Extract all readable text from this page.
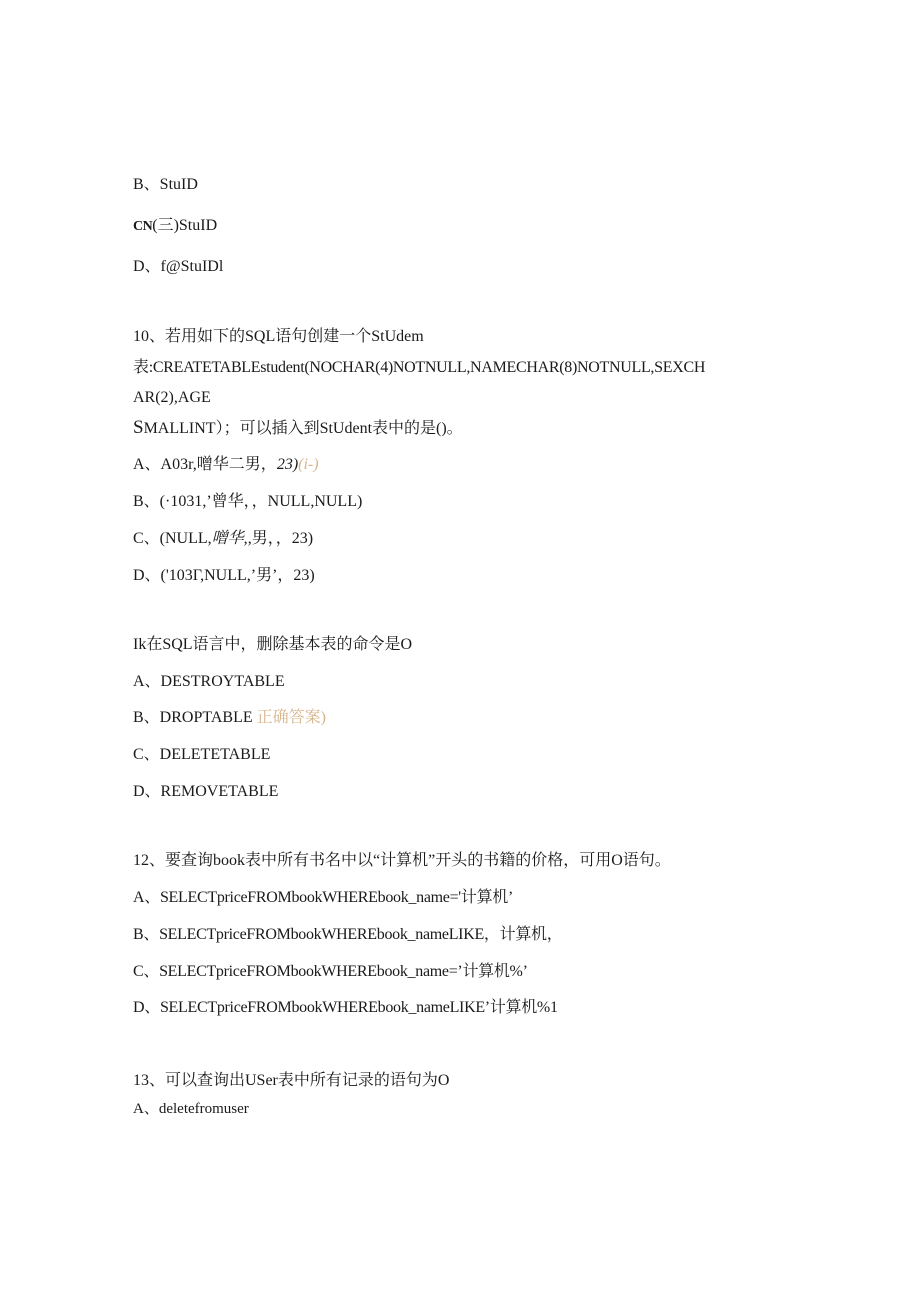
B、StuID
CN(三)StuID
D、f@StuIDl
10、若用如下的SQL语句创建一个StUdem
表:CREATETABLEstudent(NOCHAR(4)NOTNULL,NAMECHAR(8)NOTNULL,SEXCH
AR(2),AGE
SMALLINT）；可以插入到StUdent表中的是()。
A、A03r,噌华二男，23)(i-)
B、(·1031,’曾华，，NULL,NULL)
C、(NULL,噌华,,男，，23)
D、('103Γ,NULL,’男’，23)
Ik在SQL语言中，删除基本表的命令是O
A、DESTROYTABLE
B、DROPTABLE 正确答案)
C、DELETETABLE
D、REMOVETABLE
12、要查询book表中所有书名中以“计算机”开头的书籍的价格，可用O语句。
A、SELECTpriceFROMbookWHEREbook_name='计算机’
B、SELECTpriceFROMbookWHEREbook_nameLIKE，计算机，
C、SELECTpriceFROMbookWHEREbook_name=’计算机%’
D、SELECTpriceFROMbookWHEREbook_nameLIKE’计算机%1
13、可以查询出USer表中所有记录的语句为O
A、deletefromuser
